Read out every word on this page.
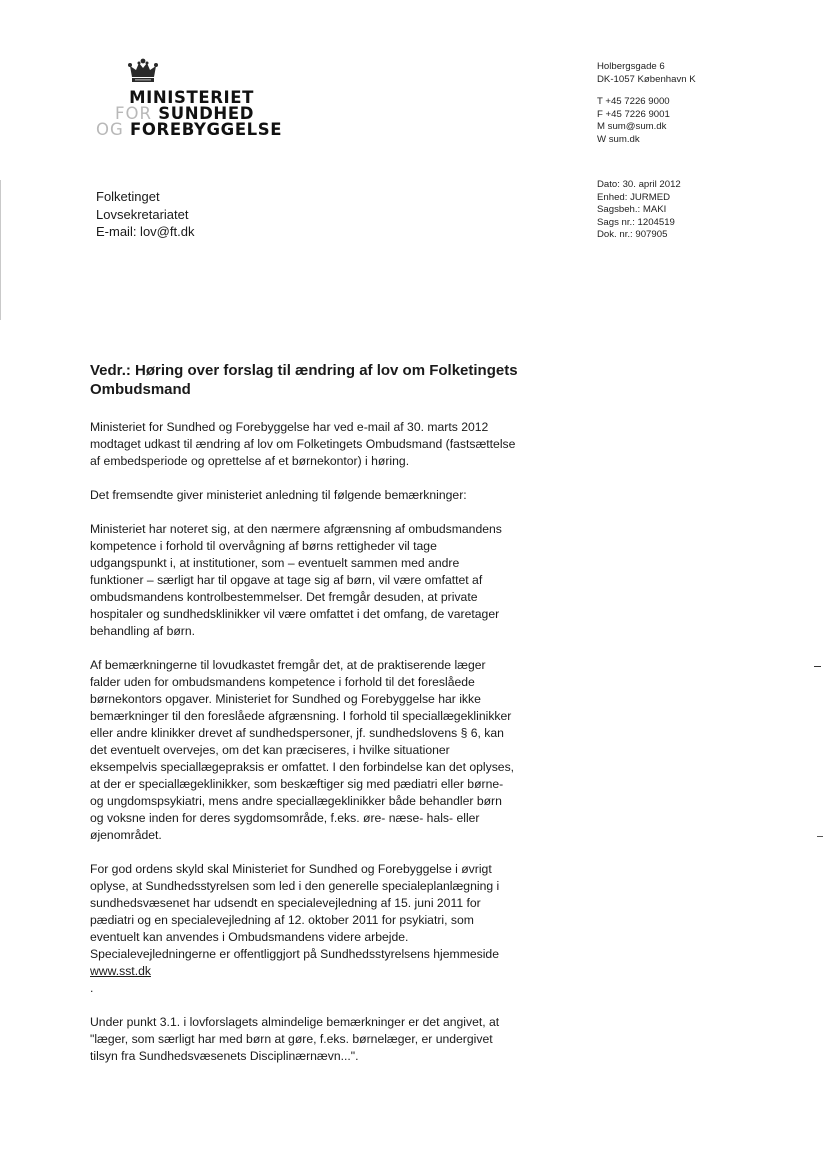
MINISTERIET
FOR SUNDHED
OG FOREBYGGELSE
Holbergsgade 6
DK-1057 København K
T +45 7226 9000
F +45 7226 9001
M sum@sum.dk
W sum.dk
Dato: 30. april 2012
Enhed: JURMED
Sagsbeh.: MAKI
Sags nr.: 1204519
Dok. nr.: 907905
Folketinget
Lovsekretariatet
E-mail: lov@ft.dk
Vedr.: Høring over forslag til ændring af lov om Folketingets
Ombudsmand

Ministeriet for Sundhed og Forebyggelse har ved e-mail af 30. marts 2012
modtaget udkast til ændring af lov om Folketingets Ombudsmand (fastsættelse
af embedsperiode og oprettelse af et børnekontor) i høring.

Det fremsendte giver ministeriet anledning til følgende bemærkninger:

Ministeriet har noteret sig, at den nærmere afgrænsning af ombudsmandens
kompetence i forhold til overvågning af børns rettigheder vil tage
udgangspunkt i, at institutioner, som – eventuelt sammen med andre
funktioner – særligt har til opgave at tage sig af børn, vil være omfattet af
ombudsmandens kontrolbestemmelser. Det fremgår desuden, at private
hospitaler og sundhedsklinikker vil være omfattet i det omfang, de varetager
behandling af børn.

Af bemærkningerne til lovudkastet fremgår det, at de praktiserende læger
falder uden for ombudsmandens kompetence i forhold til det foreslåede
børnekontors opgaver. Ministeriet for Sundhed og Forebyggelse har ikke
bemærkninger til den foreslåede afgrænsning. I forhold til speciallægeklinikker
eller andre klinikker drevet af sundhedspersoner, jf. sundhedslovens § 6, kan
det eventuelt overvejes, om det kan præciseres, i hvilke situationer
eksempelvis speciallægepraksis er omfattet. I den forbindelse kan det oplyses,
at der er speciallægeklinikker, som beskæftiger sig med pædiatri eller børne-
og ungdomspsykiatri, mens andre speciallægeklinikker både behandler børn
og voksne inden for deres sygdomsområde, f.eks. øre- næse- hals- eller
øjenområdet.

For god ordens skyld skal Ministeriet for Sundhed og Forebyggelse i øvrigt
oplyse, at Sundhedsstyrelsen som led i den generelle specialeplanlægning i
sundhedsvæsenet har udsendt en specialevejledning af 15. juni 2011 for
pædiatri og en specialevejledning af 12. oktober 2011 for psykiatri, som
eventuelt kan anvendes i Ombudsmandens videre arbejde.
Specialevejledningerne er offentliggjort på Sundhedsstyrelsens hjemmeside
www.sst.dk
.

Under punkt 3.1. i lovforslagets almindelige bemærkninger er det angivet, at
"læger, som særligt har med børn at gøre, f.eks. børnelæger, er undergivet
tilsyn fra Sundhedsvæsenets Disciplinærnævn...".
